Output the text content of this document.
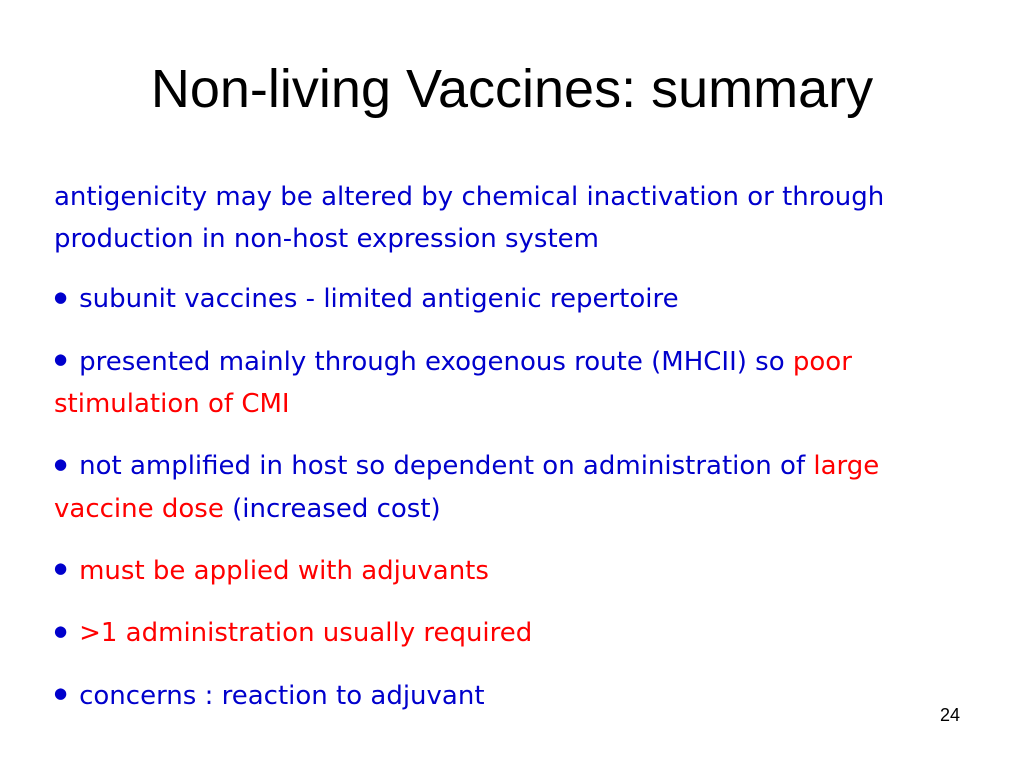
Non-living Vaccines: summary

antigenicity may be altered by chemical inactivation or through production in non-host expression system

● subunit vaccines - limited antigenic repertoire

● presented mainly through exogenous route (MHCII) so poor stimulation of CMI

● not amplified in host so dependent on administration of large vaccine dose (increased cost)

● must be applied with adjuvants

● >1 administration usually required

● concerns : reaction to adjuvant

24
